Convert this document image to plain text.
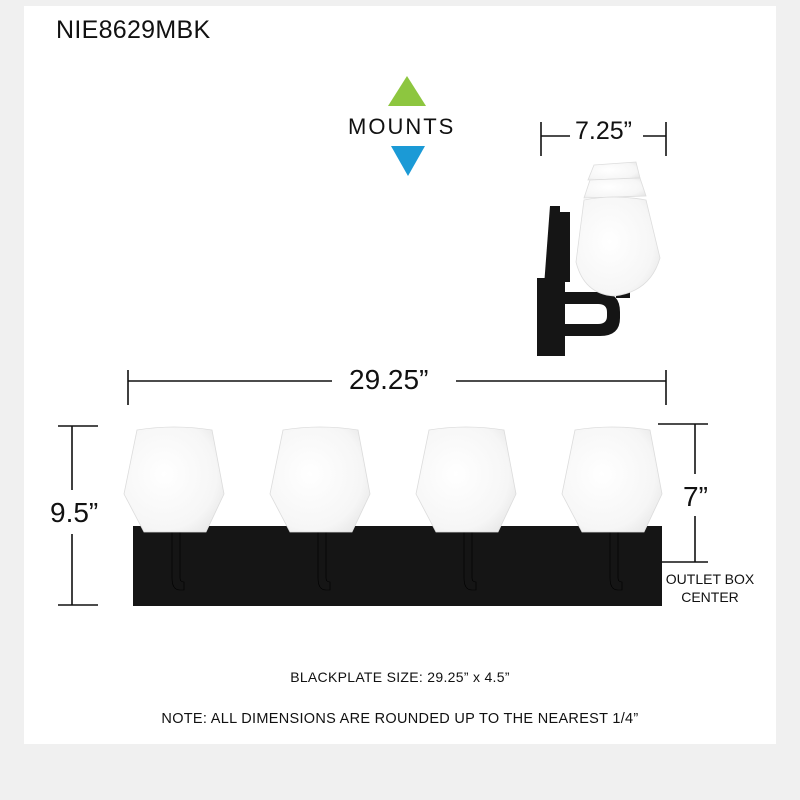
NIE8629MBK
MOUNTS	7.25”
29.25”
9.5”
7”
OUTLET BOX CENTER
BLACKPLATE SIZE: 29.25” x 4.5”
NOTE: ALL DIMENSIONS ARE ROUNDED UP TO THE NEAREST 1/4”
